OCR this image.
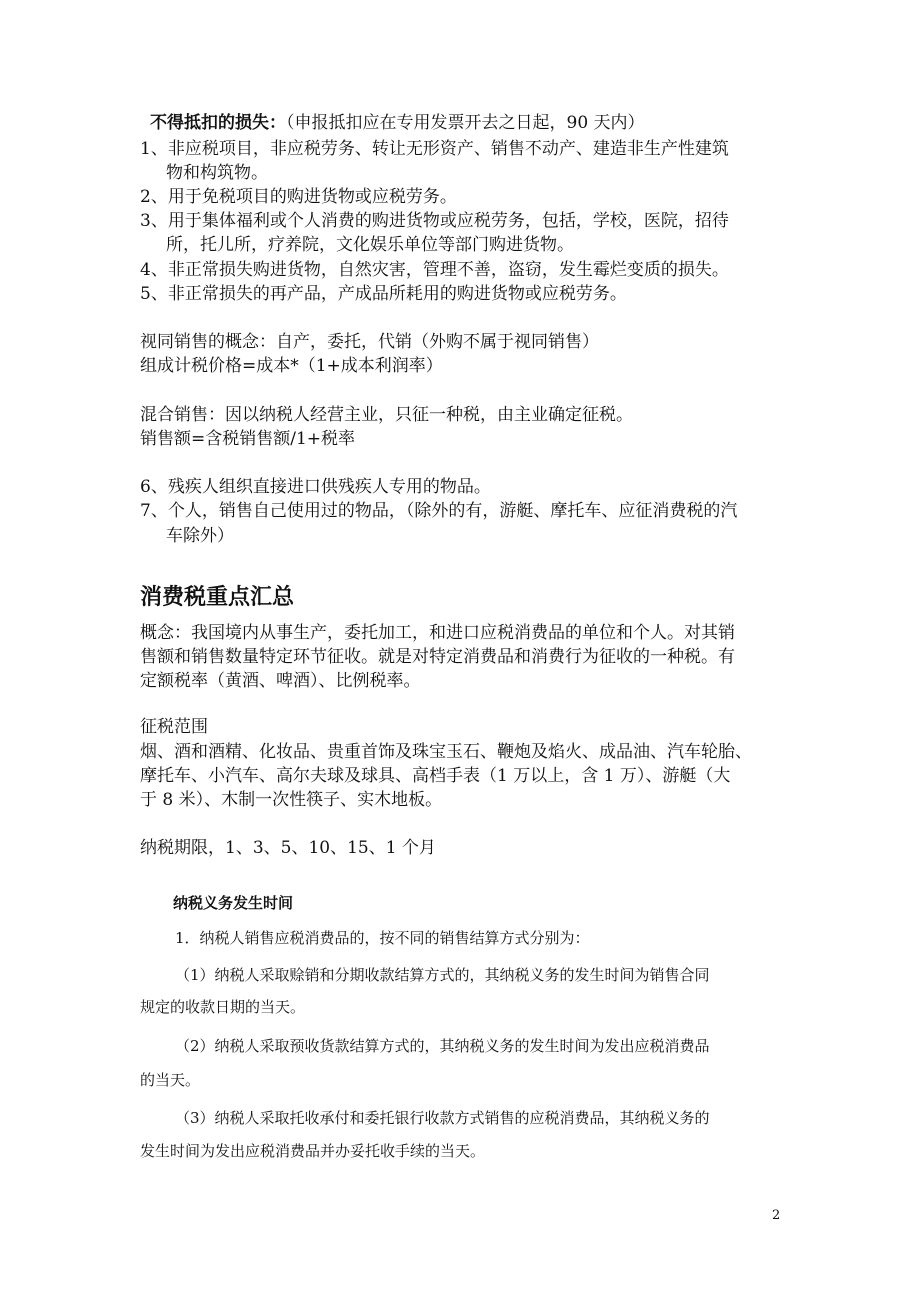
不得抵扣的损失：（申报抵扣应在专用发票开去之日起，90 天内）
1、非应税项目，非应税劳务、转让无形资产、销售不动产、建造非生产性建筑
物和构筑物。
2、用于免税项目的购进货物或应税劳务。
3、用于集体福利或个人消费的购进货物或应税劳务，包括，学校，医院，招待
所，托儿所，疗养院，文化娱乐单位等部门购进货物。
4、非正常损失购进货物，自然灾害，管理不善，盗窃，发生霉烂变质的损失。
5、非正常损失的再产品，产成品所耗用的购进货物或应税劳务。
视同销售的概念：自产，委托，代销（外购不属于视同销售）
组成计税价格=成本*（1+成本利润率）
混合销售：因以纳税人经营主业，只征一种税，由主业确定征税。
销售额=含税销售额/1+税率
6、残疾人组织直接进口供残疾人专用的物品。
7、个人，销售自己使用过的物品，（除外的有，游艇、摩托车、应征消费税的汽
车除外）
消费税重点汇总
概念：我国境内从事生产，委托加工，和进口应税消费品的单位和个人。对其销
售额和销售数量特定环节征收。就是对特定消费品和消费行为征收的一种税。有
定额税率（黄酒、啤酒）、比例税率。
征税范围
烟、酒和酒精、化妆品、贵重首饰及珠宝玉石、鞭炮及焰火、成品油、汽车轮胎、
摩托车、小汽车、高尔夫球及球具、高档手表（1 万以上，含 1 万）、游艇（大
于 8 米）、木制一次性筷子、实木地板。
纳税期限，1、3、5、10、15、1 个月
纳税义务发生时间
1．纳税人销售应税消费品的，按不同的销售结算方式分别为：
（1）纳税人采取赊销和分期收款结算方式的，其纳税义务的发生时间为销售合同
规定的收款日期的当天。
（2）纳税人采取预收货款结算方式的，其纳税义务的发生时间为发出应税消费品
的当天。
（3）纳税人采取托收承付和委托银行收款方式销售的应税消费品，其纳税义务的
发生时间为发出应税消费品并办妥托收手续的当天。
2
